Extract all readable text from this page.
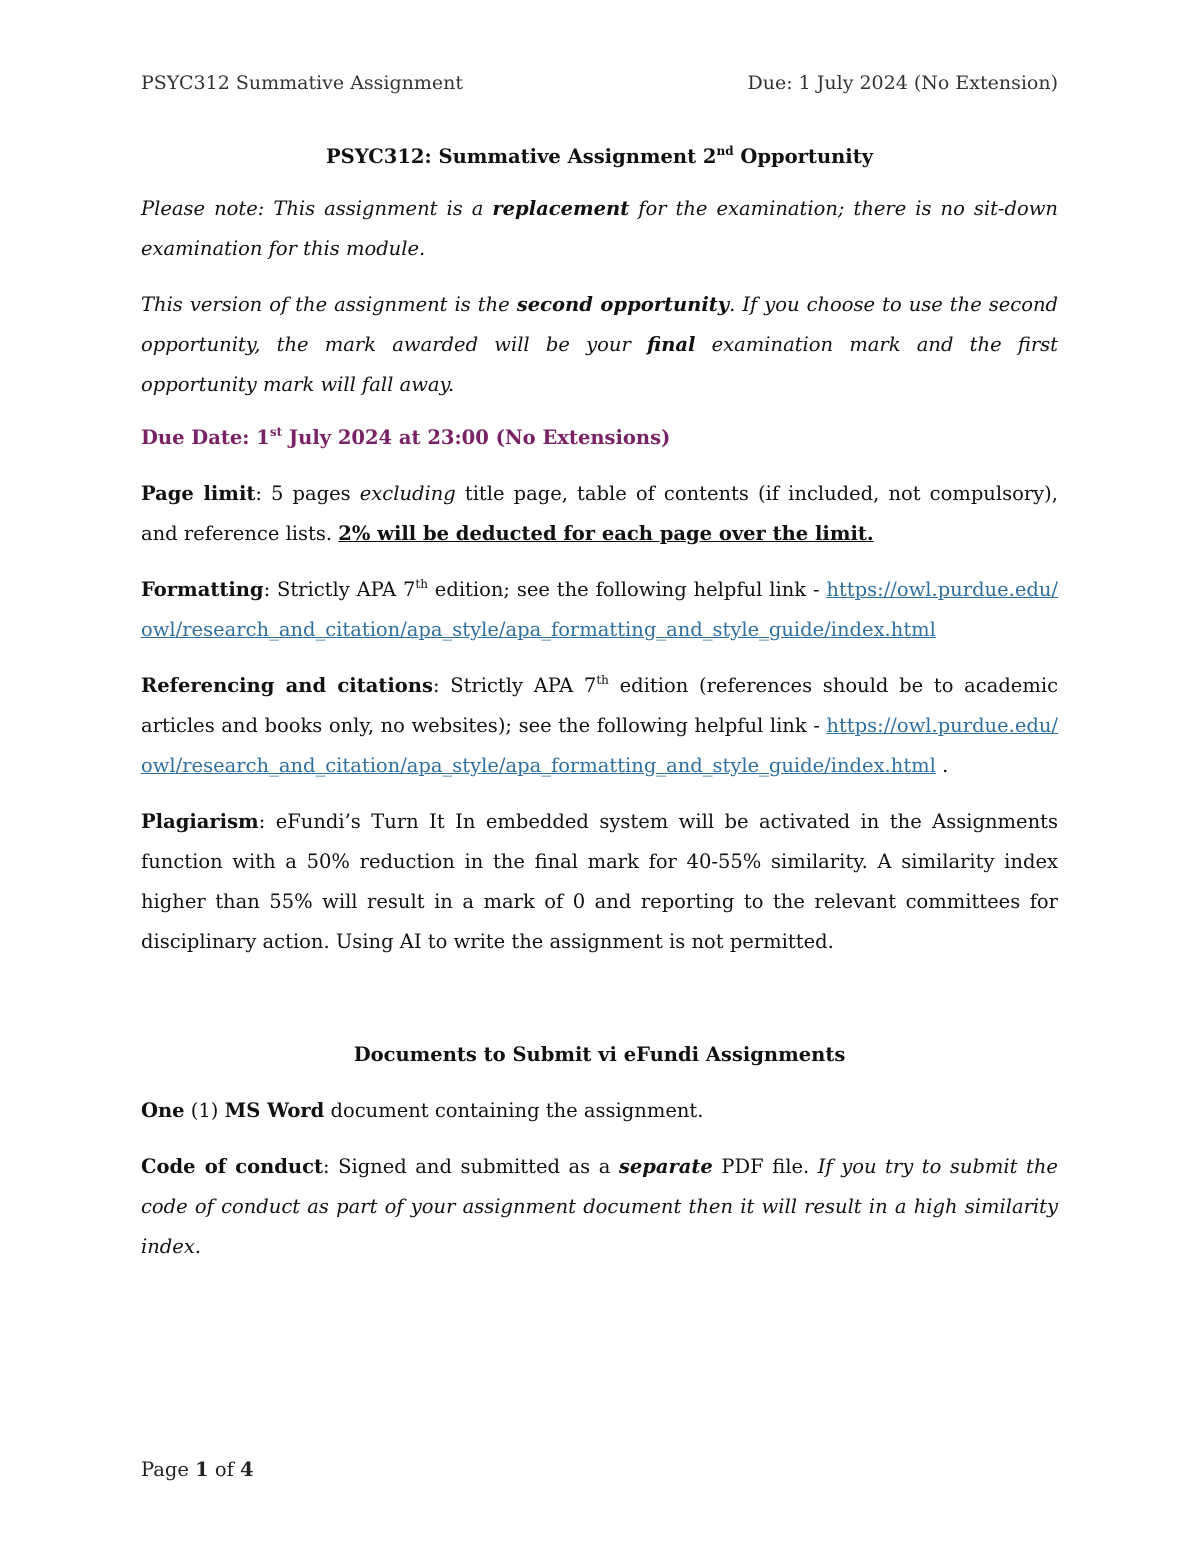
PSYC312 Summative Assignment	Due: 1 July 2024 (No Extension)
PSYC312: Summative Assignment 2nd Opportunity

Please note: This assignment is a replacement for the examination; there is no sit-down examination for this module.

This version of the assignment is the second opportunity. If you choose to use the second opportunity, the mark awarded will be your final examination mark and the first opportunity mark will fall away.

Due Date: 1st July 2024 at 23:00 (No Extensions)

Page limit: 5 pages excluding title page, table of contents (if included, not compulsory), and reference lists. 2% will be deducted for each page over the limit.

Formatting: Strictly APA 7th edition; see the following helpful link - https://owl.purdue.edu/owl/research_and_citation/apa_style/apa_formatting_and_style_guide/index.html

Referencing and citations: Strictly APA 7th edition (references should be to academic articles and books only, no websites); see the following helpful link - https://owl.purdue.edu/owl/research_and_citation/apa_style/apa_formatting_and_style_guide/index.html .

Plagiarism: eFundi’s Turn It In embedded system will be activated in the Assignments function with a 50% reduction in the final mark for 40-55% similarity. A similarity index higher than 55% will result in a mark of 0 and reporting to the relevant committees for disciplinary action. Using AI to write the assignment is not permitted.

Documents to Submit vi eFundi Assignments

One (1) MS Word document containing the assignment.

Code of conduct: Signed and submitted as a separate PDF file. If you try to submit the code of conduct as part of your assignment document then it will result in a high similarity index.

Page 1 of 4
